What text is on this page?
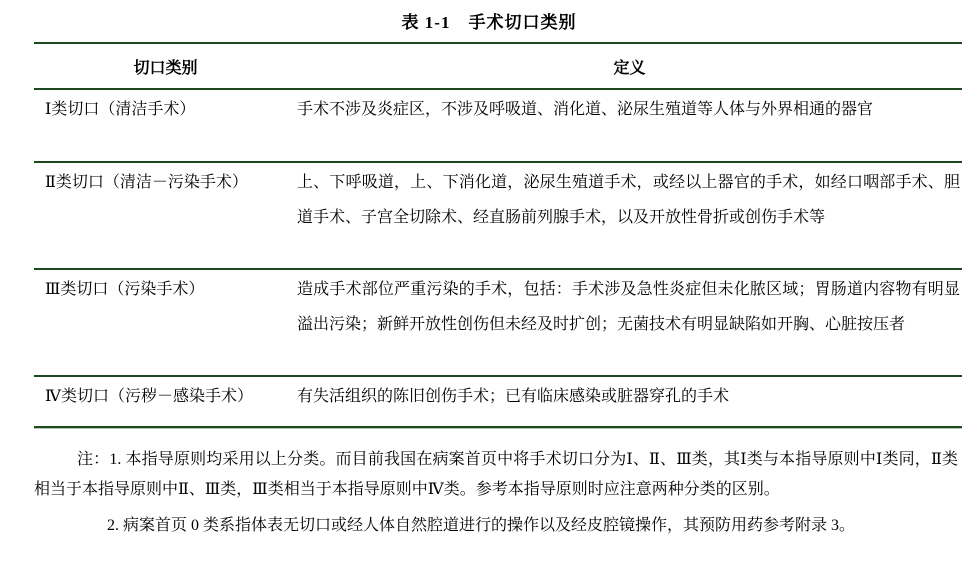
表 1-1　手术切口类别
切口类别	定义
Ⅰ类切口（清洁手术）	手术不涉及炎症区，不涉及呼吸道、消化道、泌尿生殖道等人体与外界相通的器官
Ⅱ类切口（清洁－污染手术）	上、下呼吸道，上、下消化道，泌尿生殖道手术，或经以上器官的手术，如经口咽部手术、胆道手术、子宫全切除术、经直肠前列腺手术，以及开放性骨折或创伤手术等
Ⅲ类切口（污染手术）	造成手术部位严重污染的手术，包括：手术涉及急性炎症但未化脓区域；胃肠道内容物有明显溢出污染；新鲜开放性创伤但未经及时扩创；无菌技术有明显缺陷如开胸、心脏按压者
Ⅳ类切口（污秽－感染手术）	有失活组织的陈旧创伤手术；已有临床感染或脏器穿孔的手术

注：1. 本指导原则均采用以上分类。而目前我国在病案首页中将手术切口分为Ⅰ、Ⅱ、Ⅲ类，其Ⅰ类与本指导原则中Ⅰ类同，Ⅱ类相当于本指导原则中Ⅱ、Ⅲ类，Ⅲ类相当于本指导原则中Ⅳ类。参考本指导原则时应注意两种分类的区别。

2. 病案首页 0 类系指体表无切口或经人体自然腔道进行的操作以及经皮腔镜操作，其预防用药参考附录 3。
